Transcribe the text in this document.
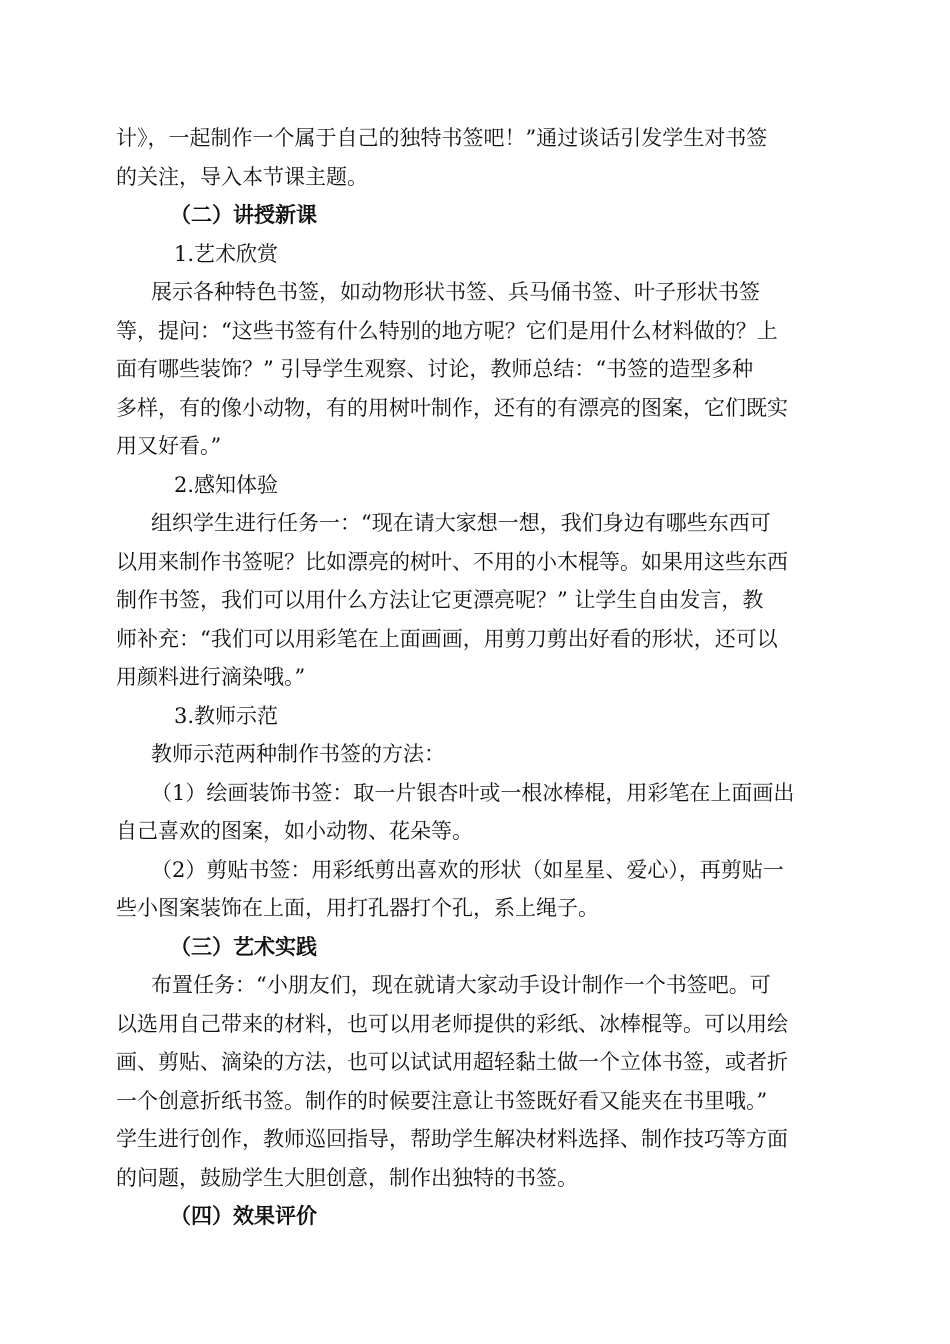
计》，一起制作一个属于自己的独特书签吧！”通过谈话引发学生对书签

的关注，导入本节课主题。

（二）讲授新课

1.艺术欣赏

展示各种特色书签，如动物形状书签、兵马俑书签、叶子形状书签

等，提问：“这些书签有什么特别的地方呢？它们是用什么材料做的？上

面有哪些装饰？” 引导学生观察、讨论，教师总结：“书签的造型多种

多样，有的像小动物，有的用树叶制作，还有的有漂亮的图案，它们既实

用又好看。”

2.感知体验

组织学生进行任务一：“现在请大家想一想，我们身边有哪些东西可

以用来制作书签呢？比如漂亮的树叶、不用的小木棍等。如果用这些东西

制作书签，我们可以用什么方法让它更漂亮呢？” 让学生自由发言，教

师补充：“我们可以用彩笔在上面画画，用剪刀剪出好看的形状，还可以

用颜料进行滴染哦。”

3.教师示范

教师示范两种制作书签的方法：

（1）绘画装饰书签：取一片银杏叶或一根冰棒棍，用彩笔在上面画出

自己喜欢的图案，如小动物、花朵等。

（2）剪贴书签：用彩纸剪出喜欢的形状（如星星、爱心），再剪贴一

些小图案装饰在上面，用打孔器打个孔，系上绳子。

（三）艺术实践

布置任务：“小朋友们，现在就请大家动手设计制作一个书签吧。可

以选用自己带来的材料，也可以用老师提供的彩纸、冰棒棍等。可以用绘

画、剪贴、滴染的方法，也可以试试用超轻黏土做一个立体书签，或者折

一个创意折纸书签。制作的时候要注意让书签既好看又能夹在书里哦。”

学生进行创作，教师巡回指导，帮助学生解决材料选择、制作技巧等方面

的问题，鼓励学生大胆创意，制作出独特的书签。

（四）效果评价
